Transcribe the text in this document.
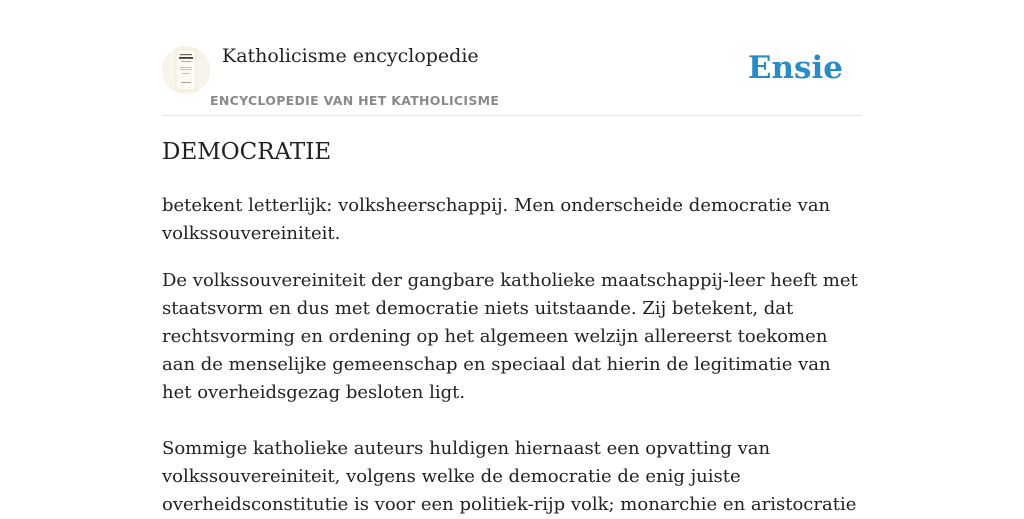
Katholicisme encyclopedie
ENCYCLOPEDIE VAN HET KATHOLICISME
Ensie
DEMOCRATIE

betekent letterlijk: volksheerschappij. Men onderscheide democratie van volkssouvereiniteit.

De volkssouvereiniteit der gangbare katholieke maatschappij-leer heeft met staatsvorm en dus met democratie niets uitstaande. Zij betekent, dat rechtsvorming en ordening op het algemeen welzijn allereerst toekomen aan de menselijke gemeenschap en speciaal dat hierin de legitimatie van het overheidsgezag besloten ligt.

Sommige katholieke auteurs huldigen hiernaast een opvatting van volkssouvereiniteit, volgens welke de democratie de enig juiste overheidsconstitutie is voor een politiek-rijp volk; monarchie en aristocratie
